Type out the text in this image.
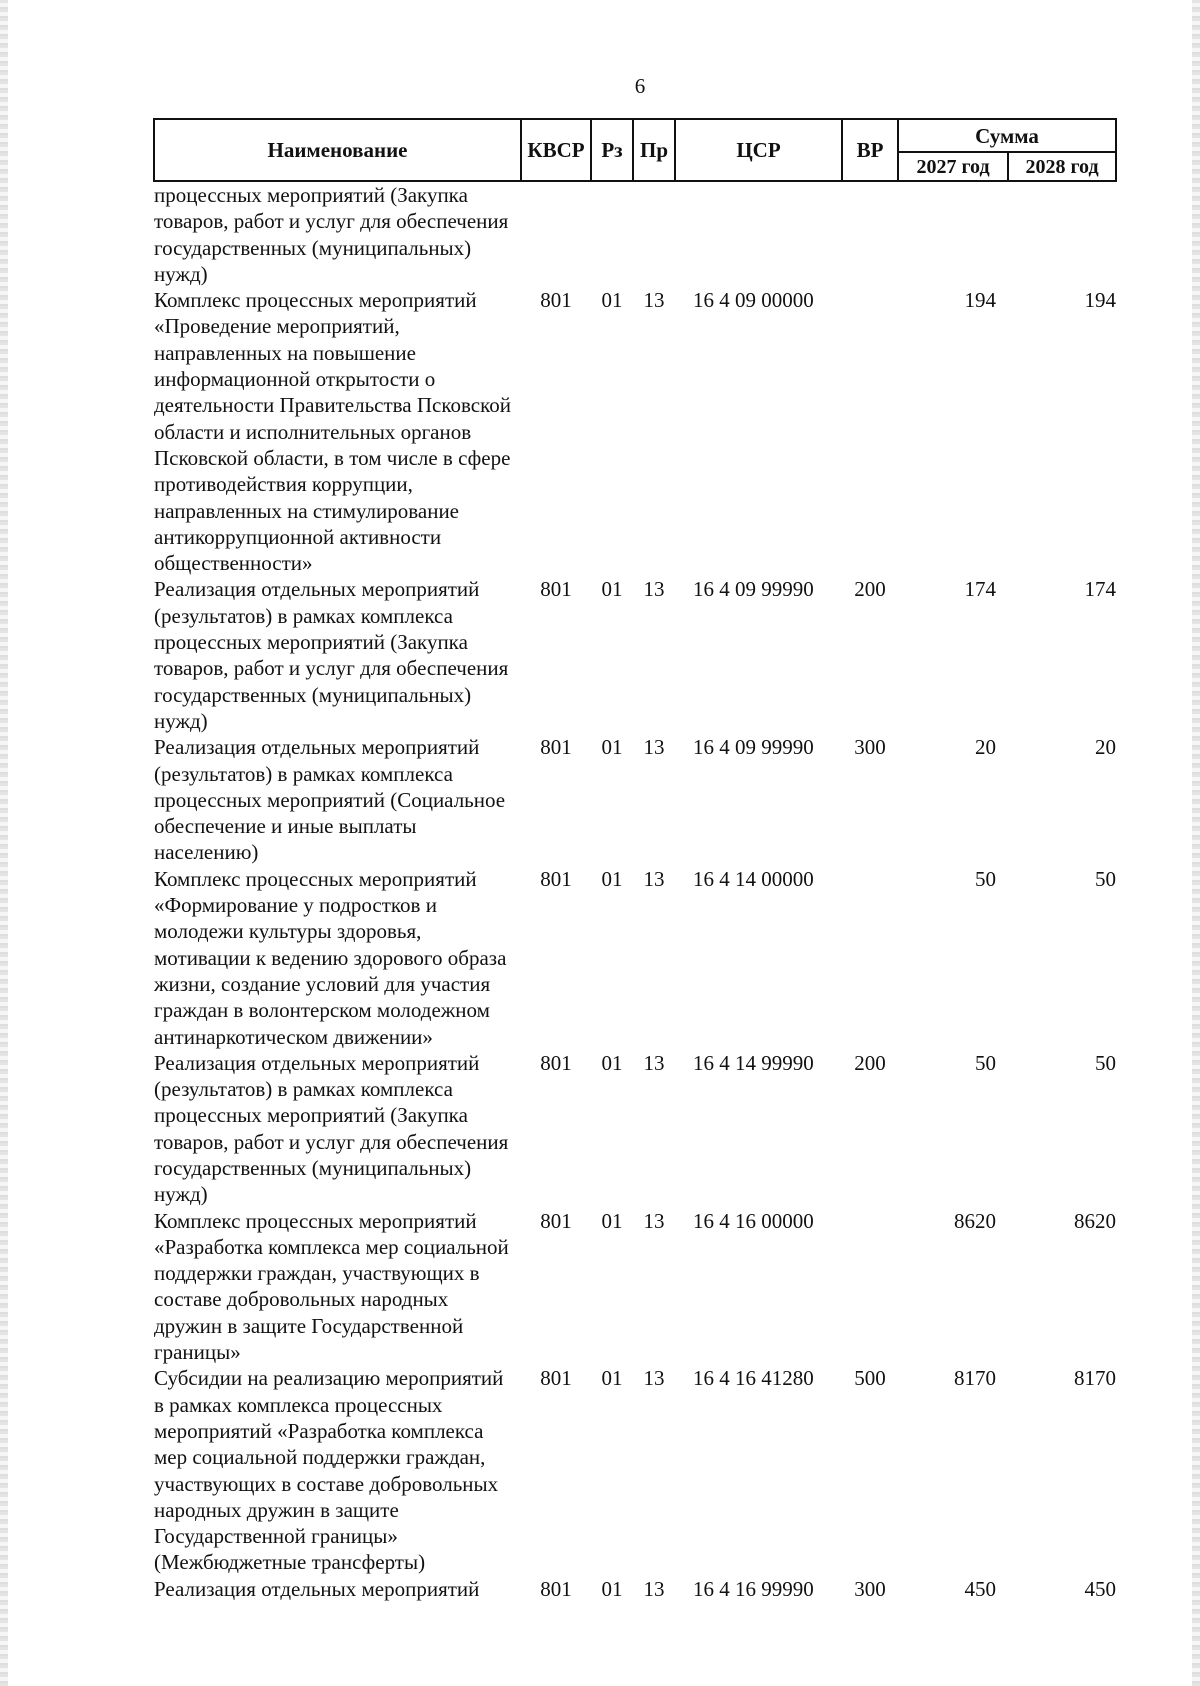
6
Наименование	КВСР	Рз	Пр	ЦСР	ВР	Сумма	
						2027 год	2028 год
процессных мероприятий (Закупка товаров, работ и услуг для обеспечения государственных (муниципальных) нужд)							
Комплекс процессных мероприятий «Проведение мероприятий, направленных на повышение информационной открытости о деятельности Правительства Псковской области и исполнительных органов Псковской области, в том числе в сфере противодействия коррупции, направленных на стимулирование антикоррупционной активности общественности»	801	01	13	16 4 09 00000		194	194
Реализация отдельных мероприятий (результатов) в рамках комплекса процессных мероприятий (Закупка товаров, работ и услуг для обеспечения государственных (муниципальных) нужд)	801	01	13	16 4 09 99990	200	174	174
Реализация отдельных мероприятий (результатов) в рамках комплекса процессных мероприятий (Социальное обеспечение и иные выплаты населению)	801	01	13	16 4 09 99990	300	20	20
Комплекс процессных мероприятий «Формирование у подростков и молодежи культуры здоровья, мотивации к ведению здорового образа жизни, создание условий для участия граждан в волонтерском молодежном антинаркотическом движении»	801	01	13	16 4 14 00000		50	50
Реализация отдельных мероприятий (результатов) в рамках комплекса процессных мероприятий (Закупка товаров, работ и услуг для обеспечения государственных (муниципальных) нужд)	801	01	13	16 4 14 99990	200	50	50
Комплекс процессных мероприятий «Разработка комплекса мер социальной поддержки граждан, участвующих в составе добровольных народных дружин в защите Государственной границы»	801	01	13	16 4 16 00000		8620	8620
Субсидии на реализацию мероприятий в рамках комплекса процессных мероприятий «Разработка комплекса мер социальной поддержки граждан, участвующих в составе добровольных народных дружин в защите Государственной границы» (Межбюджетные трансферты)	801	01	13	16 4 16 41280	500	8170	8170
Реализация отдельных мероприятий	801	01	13	16 4 16 99990	300	450	450
